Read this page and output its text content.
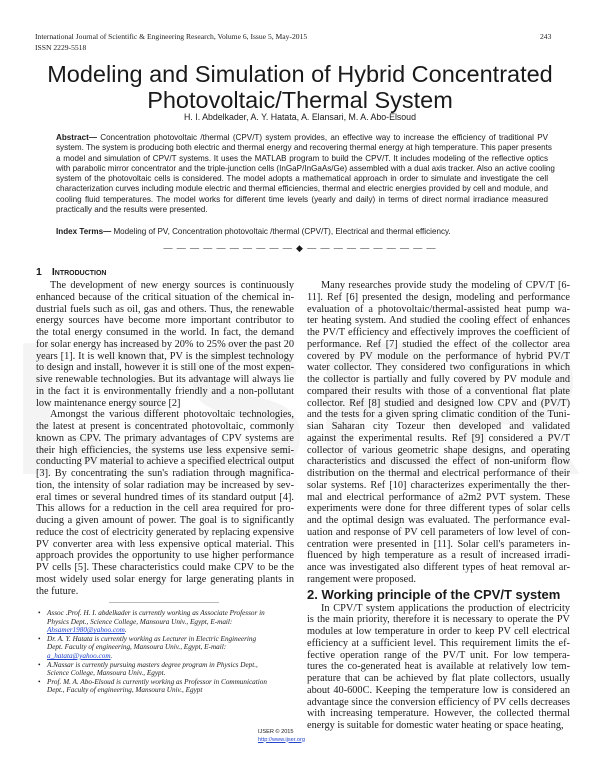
International Journal of Scientific & Engineering Research, Volume 6, Issue 5, May-2015	243
ISSN 2229-5518
Modeling and Simulation of Hybrid Concentrated
Photovoltaic/Thermal System
H. I. Abdelkader, A. Y. Hatata, A. Elansari, M. A. Abo-Elsoud
Abstract— Concentration photovoltaic /thermal (CPV/T) system provides, an effective way to increase the efficiency of traditional PV
system. The system is producing both electric and thermal energy and recovering thermal energy at high temperature. This paper presents
a model and simulation of CPV/T systems. It uses the MATLAB program to build the CPV/T. It includes modeling of the reflective optics
with parabolic mirror concentrator and the triple-junction cells (InGaP/InGaAs/Ge) assembled with a dual axis tracker. Also an active cooling
system of the photovoltaic cells is considered. The model adopts a mathematical approach in order to simulate and investigate the cell
characterization curves including module electric and thermal efficiencies, thermal and electric energies provided by cell and module, and
cooling fluid temperatures. The model works for different time levels (yearly and daily) in terms of direct normal irradiance measured
practically and the results were presented.
Index Terms— Modeling of PV, Concentration photovoltaic /thermal (CPV/T), Electrical and thermal efficiency.
— — — — — — — — — — ◆ — — — — — — — — — —
1 Introduction
The development of new energy sources is continuously
enhanced because of the critical situation of the chemical in-
dustrial fuels such as oil, gas and others. Thus, the renewable
energy sources have become more important contributor to
the total energy consumed in the world. In fact, the demand
for solar energy has increased by 20% to 25% over the past 20
years [1]. It is well known that, PV is the simplest technology
to design and install, however it is still one of the most expen-
sive renewable technologies. But its advantage will always lie
in the fact it is environmentally friendly and a non-pollutant
low maintenance energy source [2]
Amongst the various different photovoltaic technologies,
the latest at present is concentrated photovoltaic, commonly
known as CPV. The primary advantages of CPV systems are
their high efficiencies, the systems use less expensive semi-
conducting PV material to achieve a specified electrical output
[3]. By concentrating the sun's radiation through magnifica-
tion, the intensity of solar radiation may be increased by sev-
eral times or several hundred times of its standard output [4].
This allows for a reduction in the cell area required for pro-
ducing a given amount of power. The goal is to significantly
reduce the cost of electricity generated by replacing expensive
PV converter area with less expensive optical material. This
approach provides the opportunity to use higher performance
PV cells [5]. These characteristics could make CPV to be the
most widely used solar energy for large generating plants in
the future.
Many researches provide study the modeling of CPV/T [6-
11]. Ref [6] presented the design, modeling and performance
evaluation of a photovoltaic/thermal-assisted heat pump wa-
ter heating system. And studied the cooling effect of enhances
the PV/T efficiency and effectively improves the coefficient of
performance. Ref [7] studied the effect of the collector area
covered by PV module on the performance of hybrid PV/T
water collector. They considered two configurations in which
the collector is partially and fully covered by PV module and
compared their results with those of a conventional flat plate
collector. Ref [8] studied and designed low CPV and (PV/T)
and the tests for a given spring climatic condition of the Tuni-
sian Saharan city Tozeur then developed and validated
against the experimental results. Ref [9] considered a PV/T
collector of various geometric shape designs, and operating
characteristics and discussed the effect of non-uniform flow
distribution on the thermal and electrical performance of their
solar systems. Ref [10] characterizes experimentally the ther-
mal and electrical performance of a2m2 PVT system. These
experiments were done for three different types of solar cells
and the optimal design was evaluated. The performance eval-
uation and response of PV cell parameters of low level of con-
centration were presented in [11]. Solar cell's parameters in-
fluenced by high temperature as a result of increased irradi-
ance was investigated also different types of heat removal ar-
rangement were proposed.
2. Working principle of the CPV/T system
In CPV/T system applications the production of electricity
is the main priority, therefore it is necessary to operate the PV
modules at low temperature in order to keep PV cell electrical
efficiency at a sufficient level. This requirement limits the ef-
fective operation range of the PV/T unit. For low tempera-
tures the co-generated heat is available at relatively low tem-
perature that can be achieved by flat plate collectors, usually
about 40-600C. Keeping the temperature low is considered an
advantage since the conversion efficiency of PV cells decreases
with increasing temperature. However, the collected thermal
energy is suitable for domestic water heating or space heating,
• Assoc .Prof. H. I. abdelkader is currently working as Associate Professor in
Physics Dept., Science College, Mansoura Univ., Egypt, E-mail:
Ahsamer1980@yahoo.com.
• Dr. A. Y. Hatata is currently working as Lecturer in Electric Engineering
Dept. Faculty of engineering, Mansoura Univ., Egypt, E-mail:
a_hatata@yahoo.com.
• A.Nassar is currently pursuing masters degree program in Physics Dept.,
Science College, Mansoura Univ., Egypt.
• Prof. M. A. Abo-Elsoud is currently working as Professor in Communication
Dept., Faculty of engineering, Mansoura Univ., Egypt
IJSER © 2015
http://www.ijser.org
